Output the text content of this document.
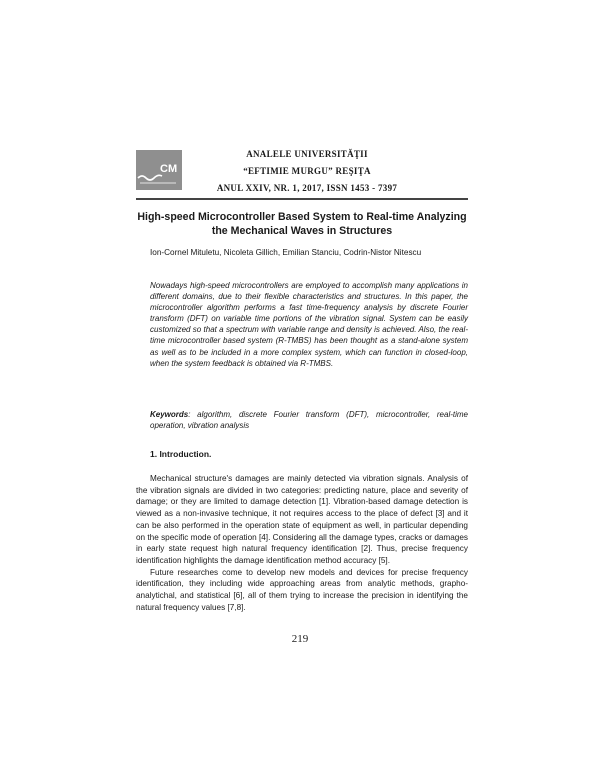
CM
ANALELE UNIVERSITĂŢII
“EFTIMIE MURGU” REŞIŢA
ANUL XXIV, NR. 1, 2017, ISSN 1453 - 7397
High-speed Microcontroller Based System to Real-time Analyzing the Mechanical Waves in Structures
Ion-Cornel Mituletu, Nicoleta Gillich, Emilian Stanciu, Codrin-Nistor Nitescu
Nowadays high-speed microcontrollers are employed to accomplish many applications in different domains, due to their flexible characteristics and structures. In this paper, the microcontroller algorithm performs a fast time-frequency analysis by discrete Fourier transform (DFT) on variable time portions of the vibration signal. System can be easily customized so that a spectrum with variable range and density is achieved. Also, the real-time microcontroller based system (R-TMBS) has been thought as a stand-alone system as well as to be included in a more complex system, which can function in closed-loop, when the system feedback is obtained via R-TMBS.
Keywords: algorithm, discrete Fourier transform (DFT), microcontroller, real-time operation, vibration analysis
1. Introduction.

Mechanical structure's damages are mainly detected via vibration signals. Analysis of the vibration signals are divided in two categories: predicting nature, place and severity of damage; or they are limited to damage detection [1]. Vibration-based damage detection is viewed as a non-invasive technique, it not requires access to the place of defect [3] and it can be also performed in the operation state of equipment as well, in particular depending on the specific mode of operation [4]. Considering all the damage types, cracks or damages in early state request high natural frequency identification [2]. Thus, precise frequency identification highlights the damage identification method accuracy [5].

Future researches come to develop new models and devices for precise frequency identification, they including wide approaching areas from analytic methods, grapho-analytichal, and statistical [6], all of them trying to increase the precision in identifying the natural frequency values [7,8].

219
